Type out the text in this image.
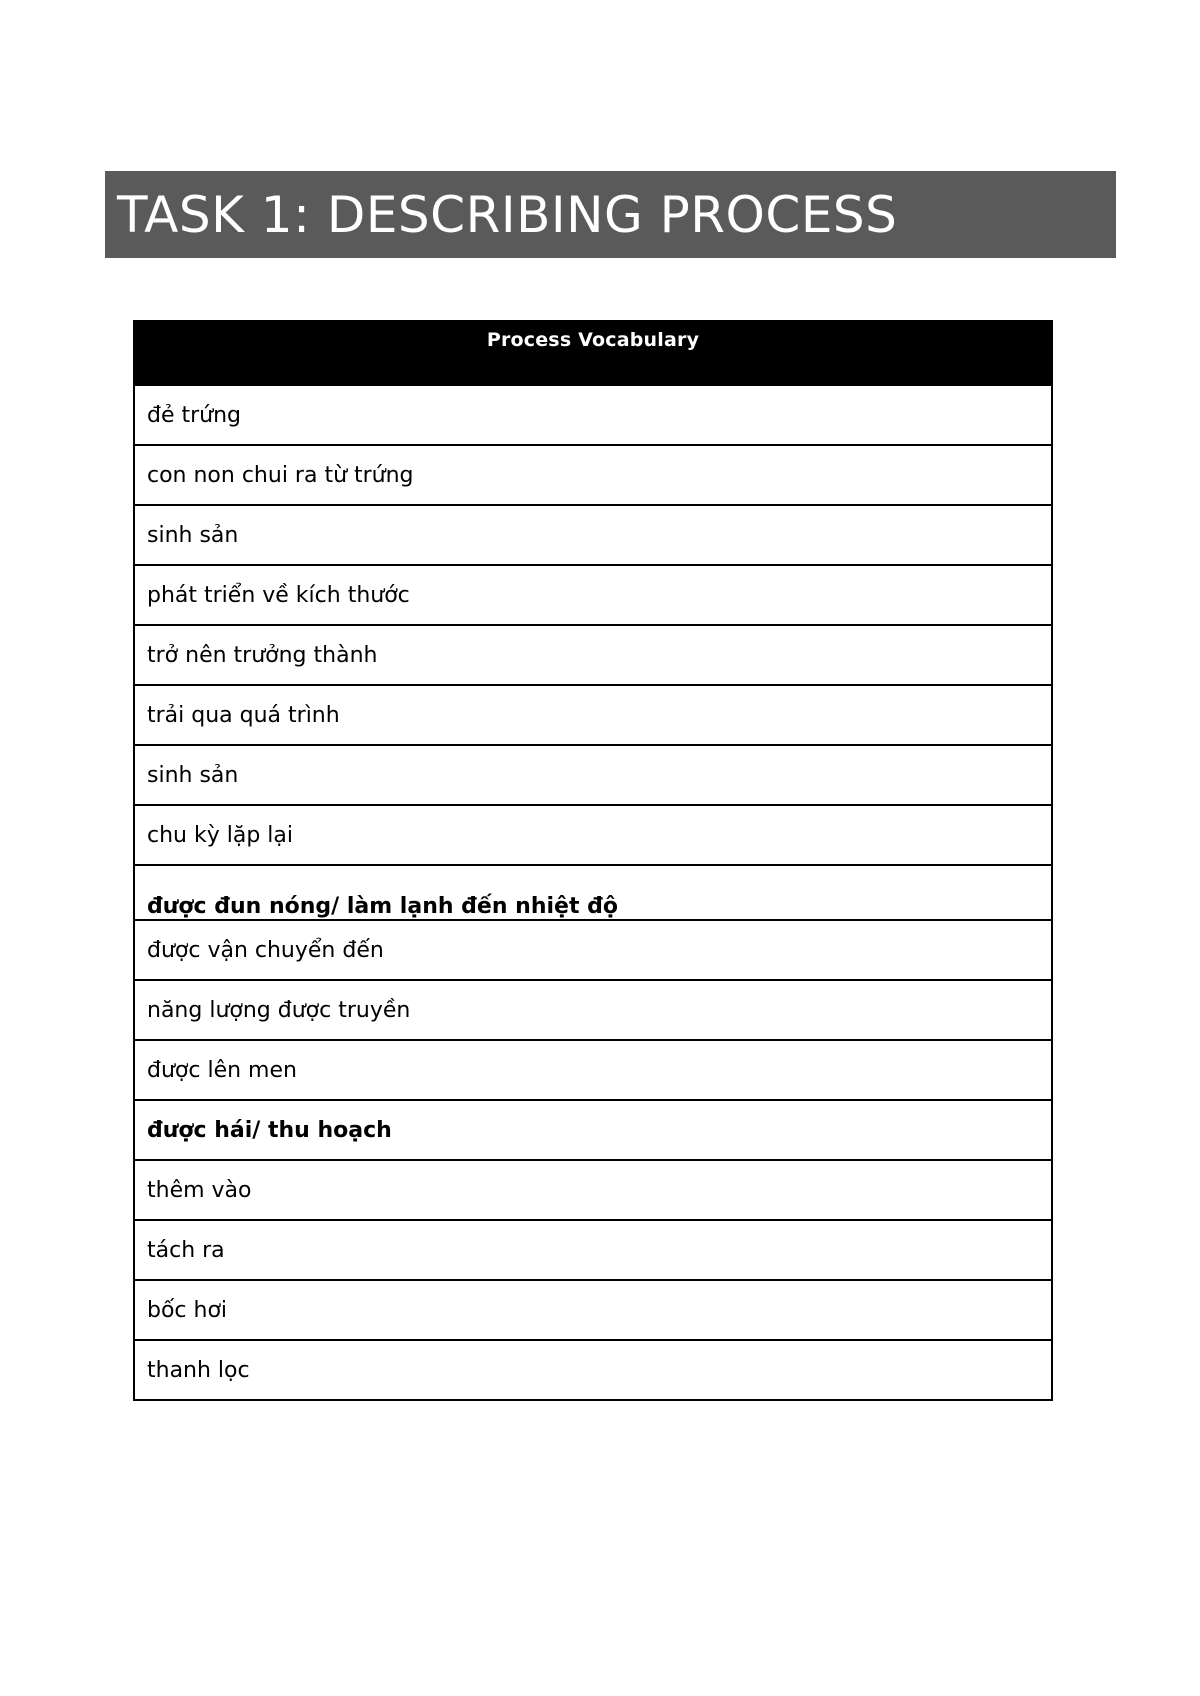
TASK 1: DESCRIBING PROCESS
Process Vocabulary
đẻ trứng
con non chui ra từ trứng
sinh sản
phát triển về kích thước
trở nên trưởng thành
trải qua quá trình
sinh sản
chu kỳ lặp lại
được đun nóng/ làm lạnh đến nhiệt độ
được vận chuyển đến
năng lượng được truyền
được lên men
được hái/ thu hoạch
thêm vào
tách ra
bốc hơi
thanh lọc
